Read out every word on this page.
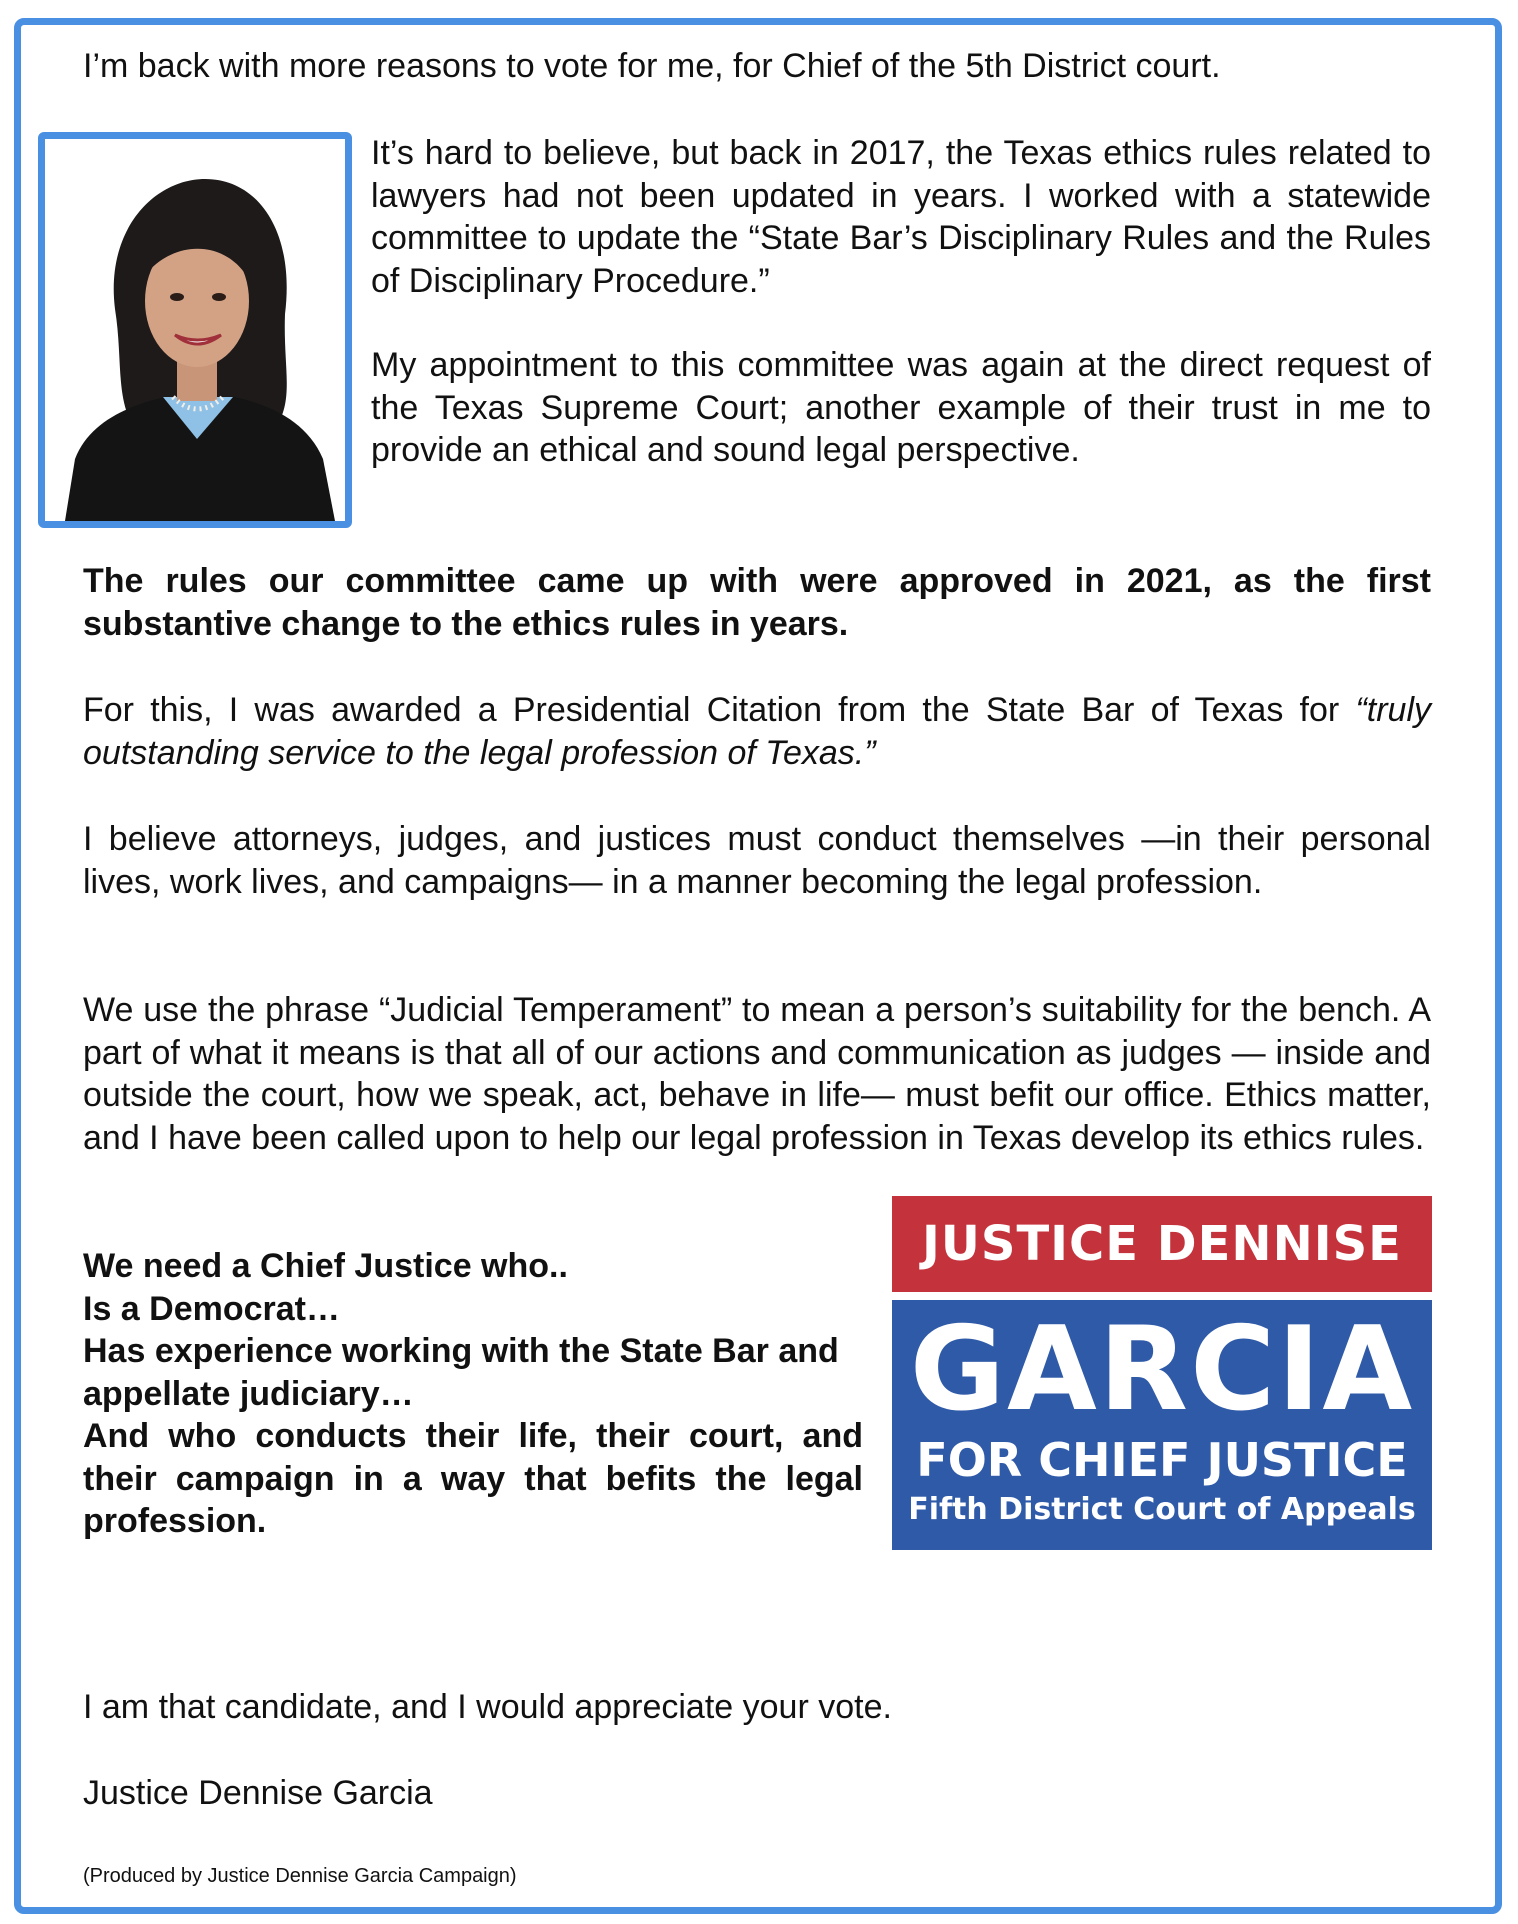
I’m back with more reasons to vote for me, for Chief of the 5th District court.

It’s hard to believe, but back in 2017, the Texas ethics rules related to lawyers had not been updated in years. I worked with a statewide committee to update the “State Bar’s Disciplinary Rules and the Rules of Disciplinary Procedure.”

My appointment to this committee was again at the direct request of the Texas Supreme Court; another example of their trust in me to provide an ethical and sound legal perspective.

The rules our committee came up with were approved in 2021, as the first substantive change to the ethics rules in years.

For this, I was awarded a Presidential Citation from the State Bar of Texas for “truly outstanding service to the legal profession of Texas.”

I believe attorneys, judges, and justices must conduct themselves —in their personal lives, work lives, and campaigns— in a manner becoming the legal profession.

We use the phrase “Judicial Temperament” to mean a person’s suitability for the bench. A part of what it means is that all of our actions and communication as judges — inside and outside the court, how we speak, act, behave in life— must befit our office. Ethics matter, and I have been called upon to help our legal profession in Texas develop its ethics rules.

We need a Chief Justice who..

Is a Democrat…

Has experience working with the State Bar and appellate judiciary…

And who conducts their life, their court, and their campaign in a way that befits the legal profession.

JUSTICE DENNISE
GARCIA
FOR CHIEF JUSTICE
Fifth District Court of Appeals

I am that candidate, and I would appreciate your vote.

Justice Dennise Garcia

(Produced by Justice Dennise Garcia Campaign)
